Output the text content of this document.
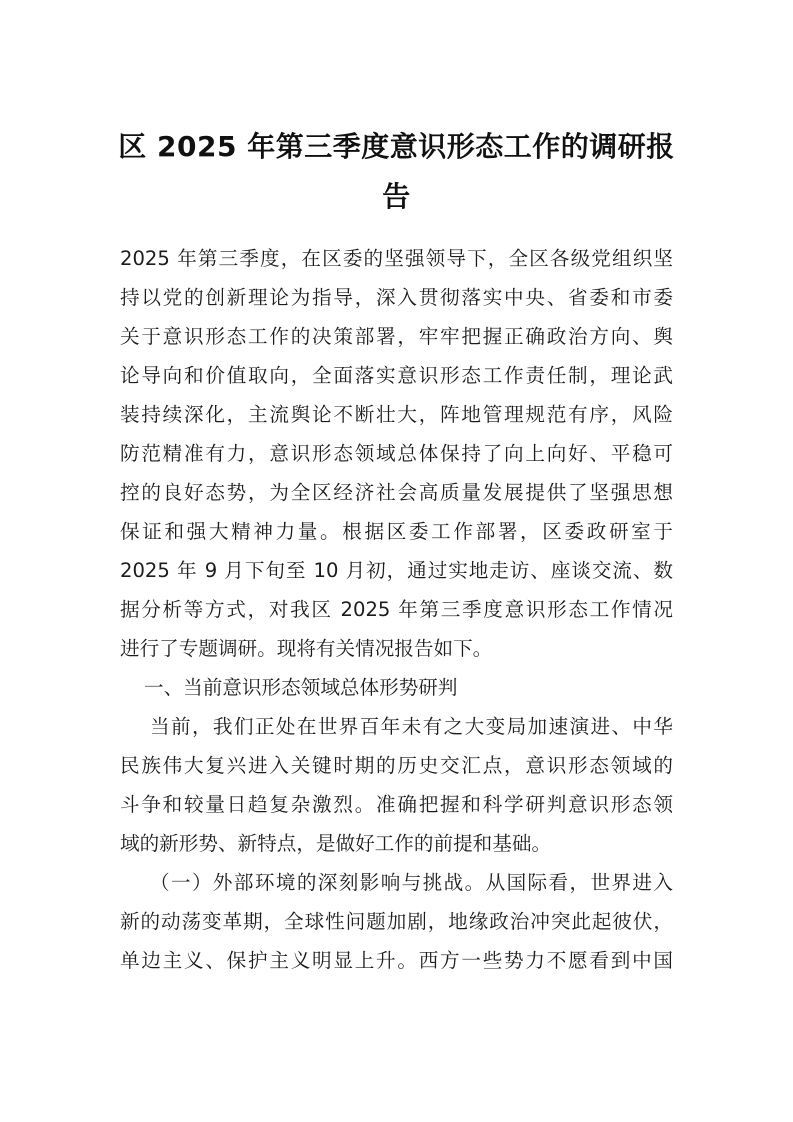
区 2025 年第三季度意识形态工作的调研报告

2025 年第三季度，在区委的坚强领导下，全区各级党组织坚

持以党的创新理论为指导，深入贯彻落实中央、省委和市委

关于意识形态工作的决策部署，牢牢把握正确政治方向、舆

论导向和价值取向，全面落实意识形态工作责任制，理论武

装持续深化，主流舆论不断壮大，阵地管理规范有序，风险

防范精准有力，意识形态领域总体保持了向上向好、平稳可

控的良好态势，为全区经济社会高质量发展提供了坚强思想

保证和强大精神力量。根据区委工作部署，区委政研室于

2025 年 9 月下旬至 10 月初，通过实地走访、座谈交流、数

据分析等方式，对我区 2025 年第三季度意识形态工作情况

进行了专题调研。现将有关情况报告如下。

一、当前意识形态领域总体形势研判

当前，我们正处在世界百年未有之大变局加速演进、中华

民族伟大复兴进入关键时期的历史交汇点，意识形态领域的

斗争和较量日趋复杂激烈。准确把握和科学研判意识形态领

域的新形势、新特点，是做好工作的前提和基础。

（一）外部环境的深刻影响与挑战。从国际看，世界进入

新的动荡变革期，全球性问题加剧，地缘政治冲突此起彼伏，

单边主义、保护主义明显上升。西方一些势力不愿看到中国
